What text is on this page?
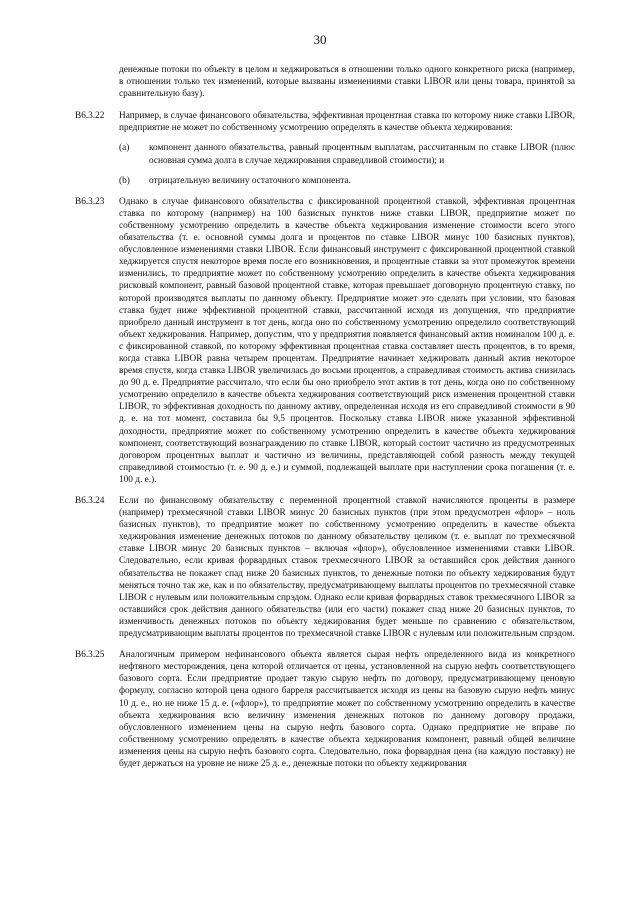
30
денежные потоки по объекту в целом и хеджироваться в отношении только одного конкретного риска (например, в отношении только тех изменений, которые вызваны изменениями ставки LIBOR или цены товара, принятой за сравнительную базу).
B6.3.22	Например, в случае финансового обязательства, эффективная процентная ставка по которому ниже ставки LIBOR, предприятие не может по собственному усмотрению определять в качестве объекта хеджирования:
(a)	компонент данного обязательства, равный процентным выплатам, рассчитанным по ставке LIBOR (плюс основная сумма долга в случае хеджирования справедливой стоимости); и
(b)	отрицательную величину остаточного компонента.
B6.3.23	Однако в случае финансового обязательства с фиксированной процентной ставкой, эффективная процентная ставка по которому (например) на 100 базисных пунктов ниже ставки LIBOR, предприятие может по собственному усмотрению определить в качестве объекта хеджирования изменение стоимости всего этого обязательства (т. е. основной суммы долга и процентов по ставке LIBOR минус 100 базисных пунктов), обусловленное изменениями ставки LIBOR. Если финансовый инструмент с фиксированной процентной ставкой хеджируется спустя некоторое время после его возникновения, и процентные ставки за этот промежуток времени изменились, то предприятие может по собственному усмотрению определить в качестве объекта хеджирования рисковый компонент, равный базовой процентной ставке, которая превышает договорную процентную ставку, по которой производятся выплаты по данному объекту. Предприятие может это сделать при условии, что базовая ставка будет ниже эффективной процентной ставки, рассчитанной исходя из допущения, что предприятие приобрело данный инструмент в тот день, когда оно по собственному усмотрению определило соответствующий объект хеджирования. Например, допустим, что у предприятия появляется финансовый актив номиналом 100 д. е. с фиксированной ставкой, по которому эффективная процентная ставка составляет шесть процентов, в то время, когда ставка LIBOR равна четырем процентам. Предприятие начинает хеджировать данный актив некоторое время спустя, когда ставка LIBOR увеличилась до восьми процентов, а справедливая стоимость актива снизилась до 90 д. е. Предприятие рассчитало, что если бы оно приобрело этот актив в тот день, когда оно по собственному усмотрению определило в качестве объекта хеджирования соответствующий риск изменения процентной ставки LIBOR, то эффективная доходность по данному активу, определенная исходя из его справедливой стоимости в 90 д. е. на тот момент, составила бы 9,5 процентов. Поскольку ставка LIBOR ниже указанной эффективной доходности, предприятие может по собственному усмотрению определить в качестве объекта хеджирования компонент, соответствующий вознаграждению по ставке LIBOR, который состоит частично из предусмотренных договором процентных выплат и частично из величины, представляющей собой разность между текущей справедливой стоимостью (т. е. 90 д. е.) и суммой, подлежащей выплате при наступлении срока погашения (т. е. 100 д. е.).
B6.3.24	Если по финансовому обязательству с переменной процентной ставкой начисляются проценты в размере (например) трехмесячной ставки LIBOR минус 20 базисных пунктов (при этом предусмотрен «флор» – ноль базисных пунктов), то предприятие может по собственному усмотрению определить в качестве объекта хеджирования изменение денежных потоков по данному обязательству целиком (т. е. выплат по трехмесячной ставке LIBOR минус 20 базисных пунктов – включая «флор»), обусловленное изменениями ставки LIBOR. Следовательно, если кривая форвардных ставок трехмесячного LIBOR за оставшийся срок действия данного обязательства не покажет спад ниже 20 базисных пунктов, то денежные потоки по объекту хеджирования будут меняться точно так же, как и по обязательству, предусматривающему выплаты процентов по трехмесячной ставке LIBOR с нулевым или положительным спрэдом. Однако если кривая форвардных ставок трехмесячного LIBOR за оставшийся срок действия данного обязательства (или его части) покажет спад ниже 20 базисных пунктов, то изменчивость денежных потоков по объекту хеджирования будет меньше по сравнению с обязательством, предусматривающим выплаты процентов по трехмесячной ставке LIBOR с нулевым или положительным спрэдом.
B6.3.25	Аналогичным примером нефинансового объекта является сырая нефть определенного вида из конкретного нефтяного месторождения, цена которой отличается от цены, установленной на сырую нефть соответствующего базового сорта. Если предприятие продает такую сырую нефть по договору, предусматривающему ценовую формулу, согласно которой цена одного барреля рассчитывается исходя из цены на базовую сырую нефть минус 10 д. е., но не ниже 15 д. е. («флор»), то предприятие может по собственному усмотрению определить в качестве объекта хеджирования всю величину изменения денежных потоков по данному договору продажи, обусловленного изменением цены на сырую нефть базового сорта. Однако предприятие не вправе по собственному усмотрению определять в качестве объекта хеджирования компонент, равный общей величине изменения цены на сырую нефть базового сорта. Следовательно, пока форвардная цена (на каждую поставку) не будет держаться на уровне не ниже 25 д. е., денежные потоки по объекту хеджирования
